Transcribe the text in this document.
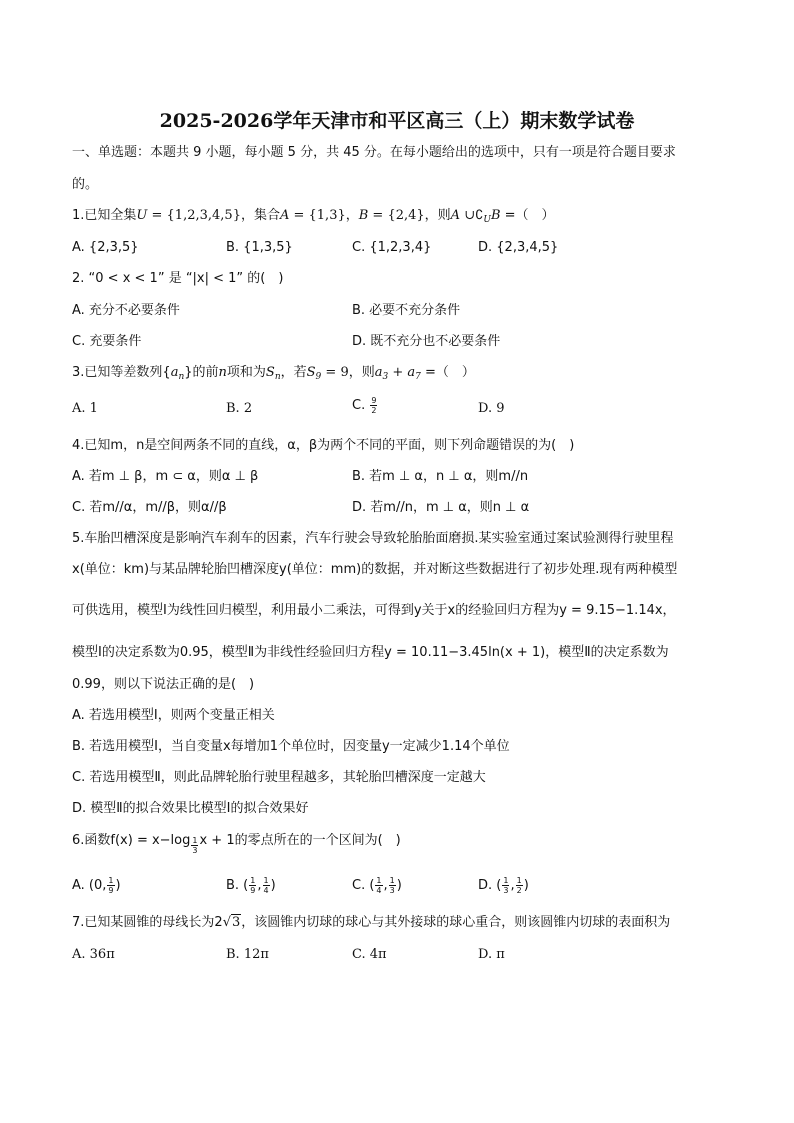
2025-2026学年天津市和平区高三（上）期末数学试卷
一、单选题：本题共 9 小题，每小题 5 分，共 45 分。在每小题给出的选项中，只有一项是符合题目要求
的。
1.已知全集U = {1,2,3,4,5}，集合A = {1,3}，B = {2,4}，则A $\cup∁_UB$ =（　）
A. {2,3,5}	B. {1,3,5}	C. {1,2,3,4}	D. {2,3,4,5}
2. “0 < x < 1” 是 “|x| < 1” 的(　)
A. 充分不必要条件	B. 必要不充分条件
C. 充要条件	D. 既不充分也不必要条件
3.已知等差数列$\{a_n\}$的前n项和为$S_n$，若$S_9 = 9$，则$a_3 + a_7$ =（　）
A. 1	B. 2	C. $\frac{9}{2}$	D. 9
4.已知m，n是空间两条不同的直线，α，β为两个不同的平面，则下列命题错误的为(　)
A. 若m ⊥ β，m ⊂ α，则α ⊥ β	B. 若m ⊥ α，n ⊥ α，则m//n
C. 若m//α，m//β，则α//β	D. 若m//n，m ⊥ α，则n ⊥ α
5.车胎凹槽深度是影响汽车刹车的因素，汽车行驶会导致轮胎胎面磨损.某实验室通过案试验测得行驶里程
x(单位：km)与某品牌轮胎凹槽深度y(单位：mm)的数据，并对断这些数据进行了初步处理.现有两种模型
可供选用，模型Ⅰ为线性回归模型，利用最小二乘法，可得到y关于x的经验回归方程为y = 9.15−1.14x，
模型Ⅰ的决定系数为0.95，模型Ⅱ为非线性经验回归方程y = 10.11−3.45ln(x + 1)，模型Ⅱ的决定系数为
0.99，则以下说法正确的是(　)
A. 若选用模型Ⅰ，则两个变量正相关
B. 若选用模型Ⅰ，当自变量x每增加1个单位时，因变量y一定减少1.14个单位
C. 若选用模型Ⅱ，则此品牌轮胎行驶里程越多，其轮胎凹槽深度一定越大
D. 模型Ⅱ的拟合效果比模型Ⅰ的拟合效果好
6.函数$f(x) = x-\log \frac{1}{3}$ x + 1的零点所在的一个区间为(　)
A. (0, $\frac{1}{9}$ )	B. ( $\frac{1}{9}$ , $\frac{1}{4}$ )	C. ( $\frac{1}{4}$ , $\frac{1}{3}$ )	D. ( $\frac{1}{3}$ , $\frac{1}{2}$ )
7.已知某圆锥的母线长为2√3，该圆锥内切球的球心与其外接球的球心重合，则该圆锥内切球的表面积为
A. 36π	B. 12π	C. 4π	D. π
